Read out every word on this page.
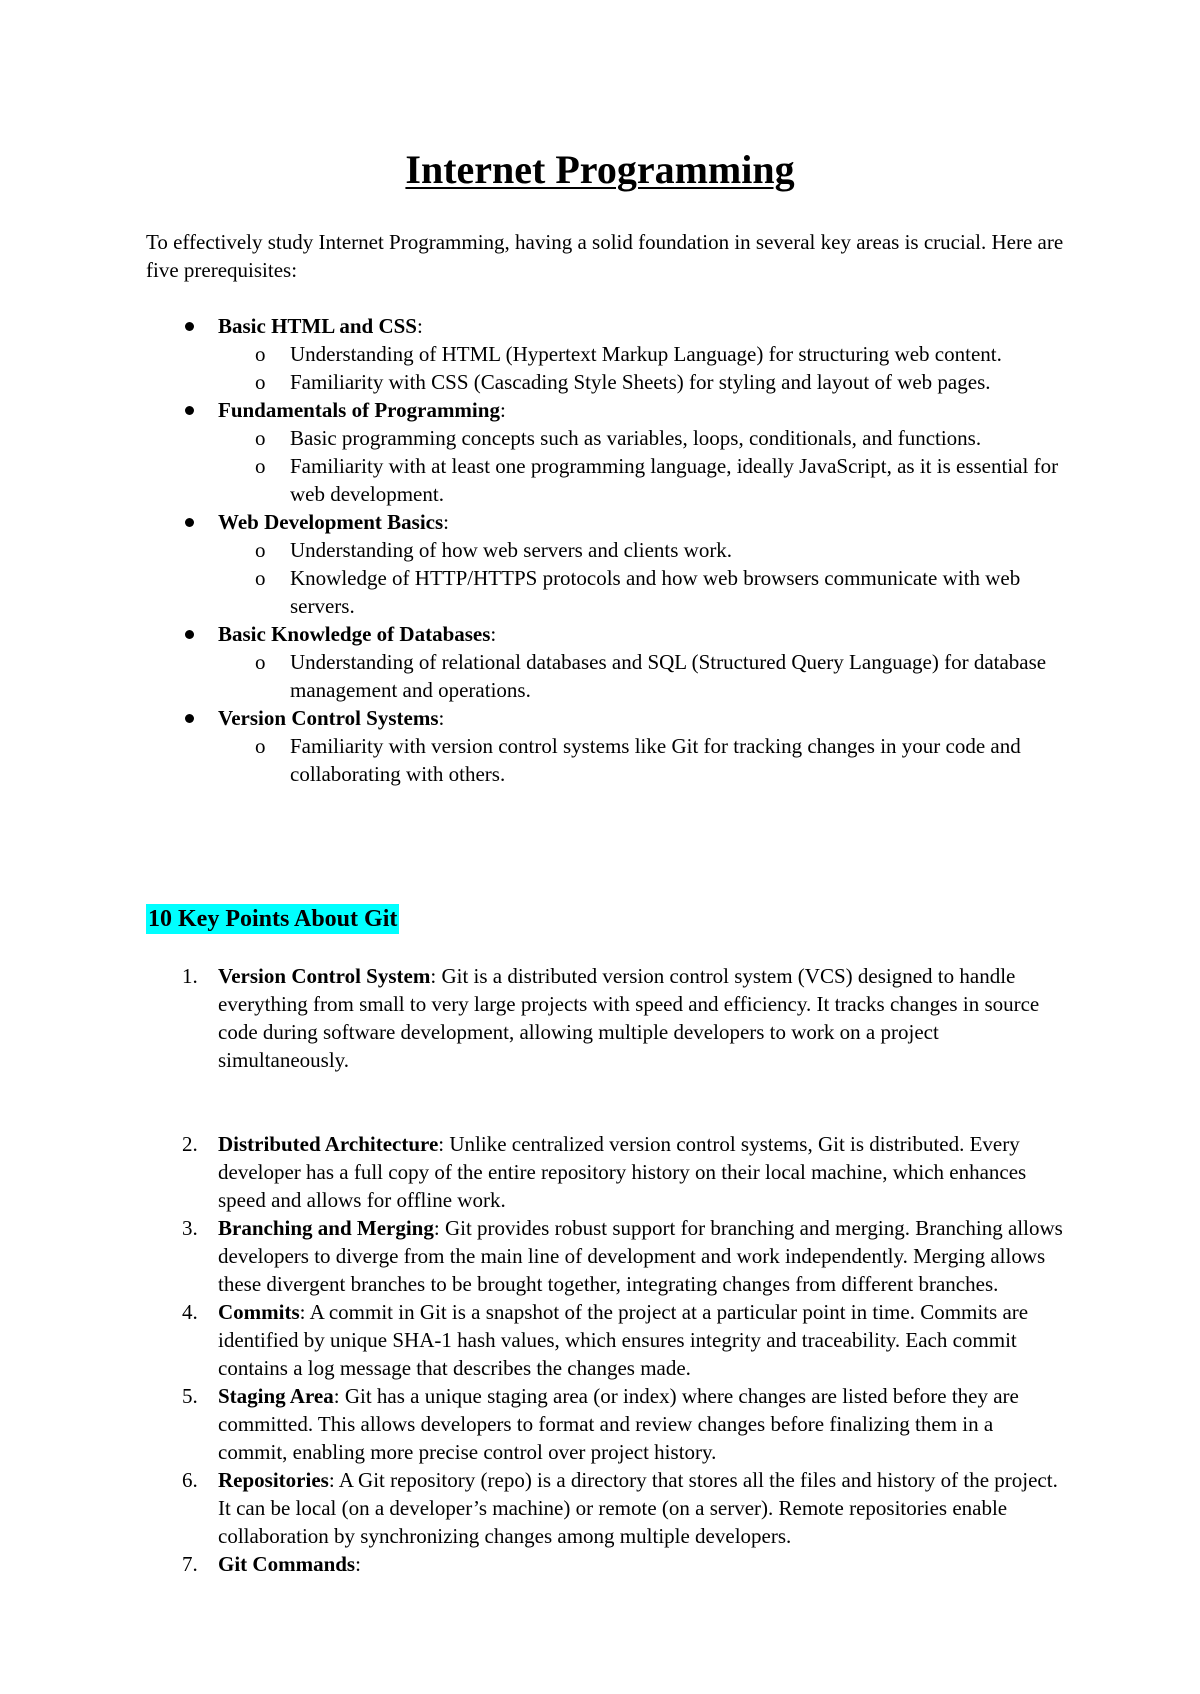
Internet Programming

To effectively study Internet Programming, having a solid foundation in several key areas is crucial. Here are five prerequisites:

Basic HTML and CSS:
o Understanding of HTML (Hypertext Markup Language) for structuring web content.
o Familiarity with CSS (Cascading Style Sheets) for styling and layout of web pages.
Fundamentals of Programming:
o Basic programming concepts such as variables, loops, conditionals, and functions.
o Familiarity with at least one programming language, ideally JavaScript, as it is essential for web development.
Web Development Basics:
o Understanding of how web servers and clients work.
o Knowledge of HTTP/HTTPS protocols and how web browsers communicate with web servers.
Basic Knowledge of Databases:
o Understanding of relational databases and SQL (Structured Query Language) for database management and operations.
Version Control Systems:
o Familiarity with version control systems like Git for tracking changes in your code and collaborating with others.
10 Key Points About Git
1. Version Control System: Git is a distributed version control system (VCS) designed to handle everything from small to very large projects with speed and efficiency. It tracks changes in source code during software development, allowing multiple developers to work on a project simultaneously.
2. Distributed Architecture: Unlike centralized version control systems, Git is distributed. Every developer has a full copy of the entire repository history on their local machine, which enhances speed and allows for offline work.
3. Branching and Merging: Git provides robust support for branching and merging. Branching allows developers to diverge from the main line of development and work independently. Merging allows these divergent branches to be brought together, integrating changes from different branches.
4. Commits: A commit in Git is a snapshot of the project at a particular point in time. Commits are identified by unique SHA-1 hash values, which ensures integrity and traceability. Each commit contains a log message that describes the changes made.
5. Staging Area: Git has a unique staging area (or index) where changes are listed before they are committed. This allows developers to format and review changes before finalizing them in a commit, enabling more precise control over project history.
6. Repositories: A Git repository (repo) is a directory that stores all the files and history of the project. It can be local (on a developer’s machine) or remote (on a server). Remote repositories enable collaboration by synchronizing changes among multiple developers.
7. Git Commands:
